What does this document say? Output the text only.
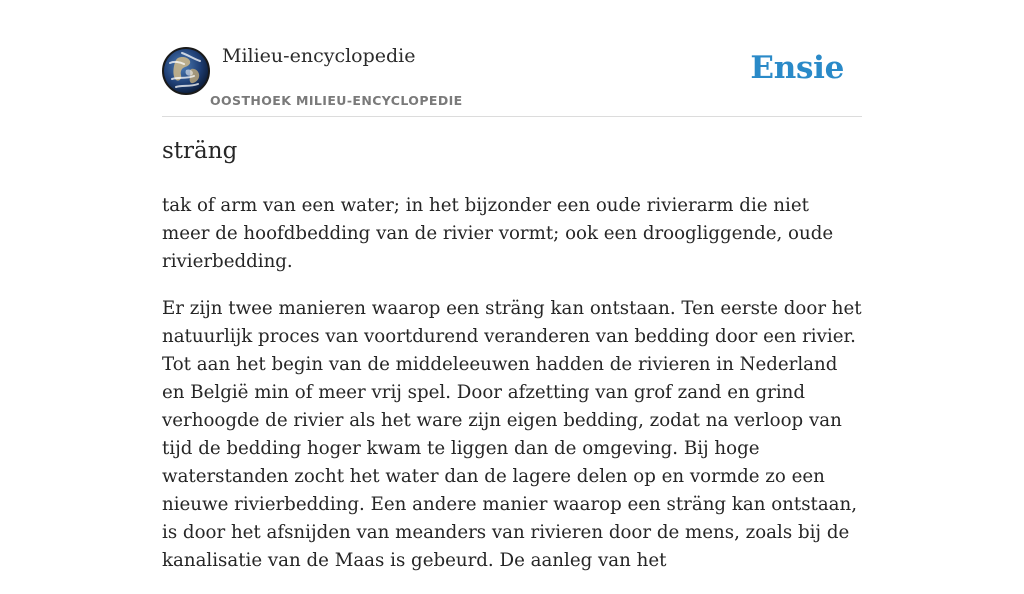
Milieu-encyclopedie
OOSTHOEK MILIEU-ENCYCLOPEDIE
Ensie
sträng

tak of arm van een water; in het bijzonder een oude rivierarm die niet meer de hoofdbedding van de rivier vormt; ook een droogliggende, oude rivierbedding.

Er zijn twee manieren waarop een sträng kan ontstaan. Ten eerste door het natuurlijk proces van voortdurend veranderen van bedding door een rivier. Tot aan het begin van de middeleeuwen hadden de rivieren in Nederland en België min of meer vrij spel. Door afzetting van grof zand en grind verhoogde de rivier als het ware zijn eigen bedding, zodat na verloop van tijd de bedding hoger kwam te liggen dan de omgeving. Bij hoge waterstanden zocht het water dan de lagere delen op en vormde zo een nieuwe rivierbedding. Een andere manier waarop een sträng kan ontstaan, is door het afsnijden van meanders van rivieren door de mens, zoals bij de kanalisatie van de Maas is gebeurd. De aanleg van het
